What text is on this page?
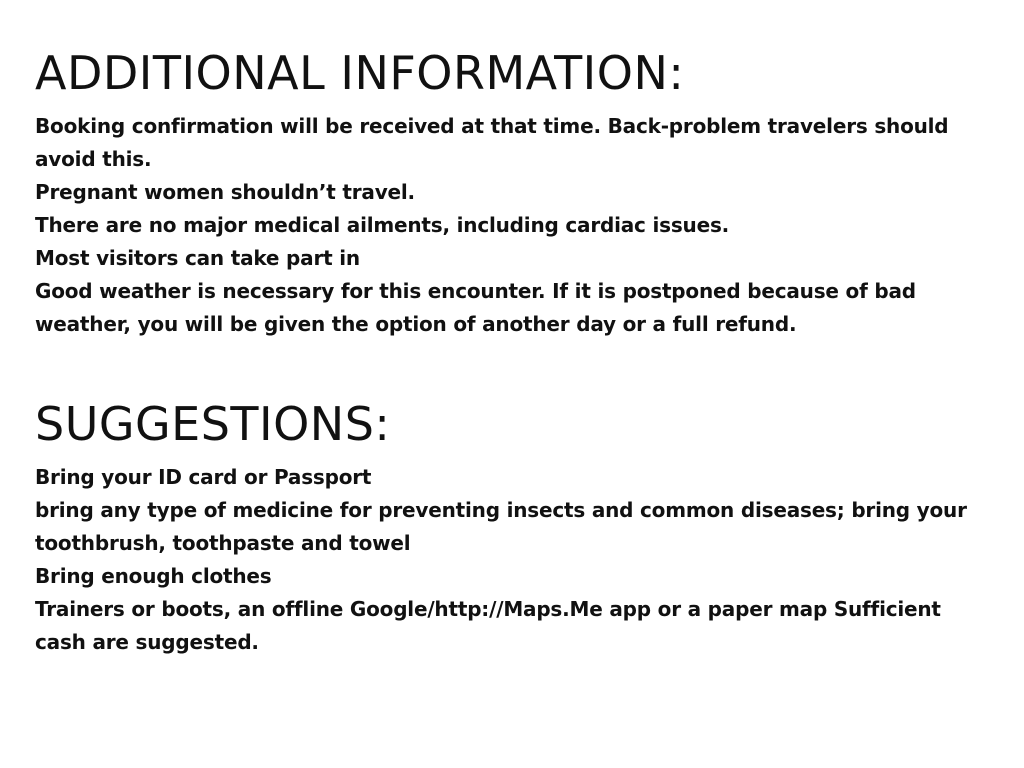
ADDITIONAL INFORMATION:
Booking confirmation will be received at that time. Back-problem travelers should avoid this.
Pregnant women shouldn’t travel.
There are no major medical ailments, including cardiac issues.
Most visitors can take part in
Good weather is necessary for this encounter. If it is postponed because of bad weather, you will be given the option of another day or a full refund.
SUGGESTIONS:
Bring your ID card or Passport
bring any type of medicine for preventing insects and common diseases; bring your toothbrush, toothpaste and towel
Bring enough clothes
Trainers or boots, an offline Google/http://Maps.Me app or a paper map Sufficient cash are suggested.
